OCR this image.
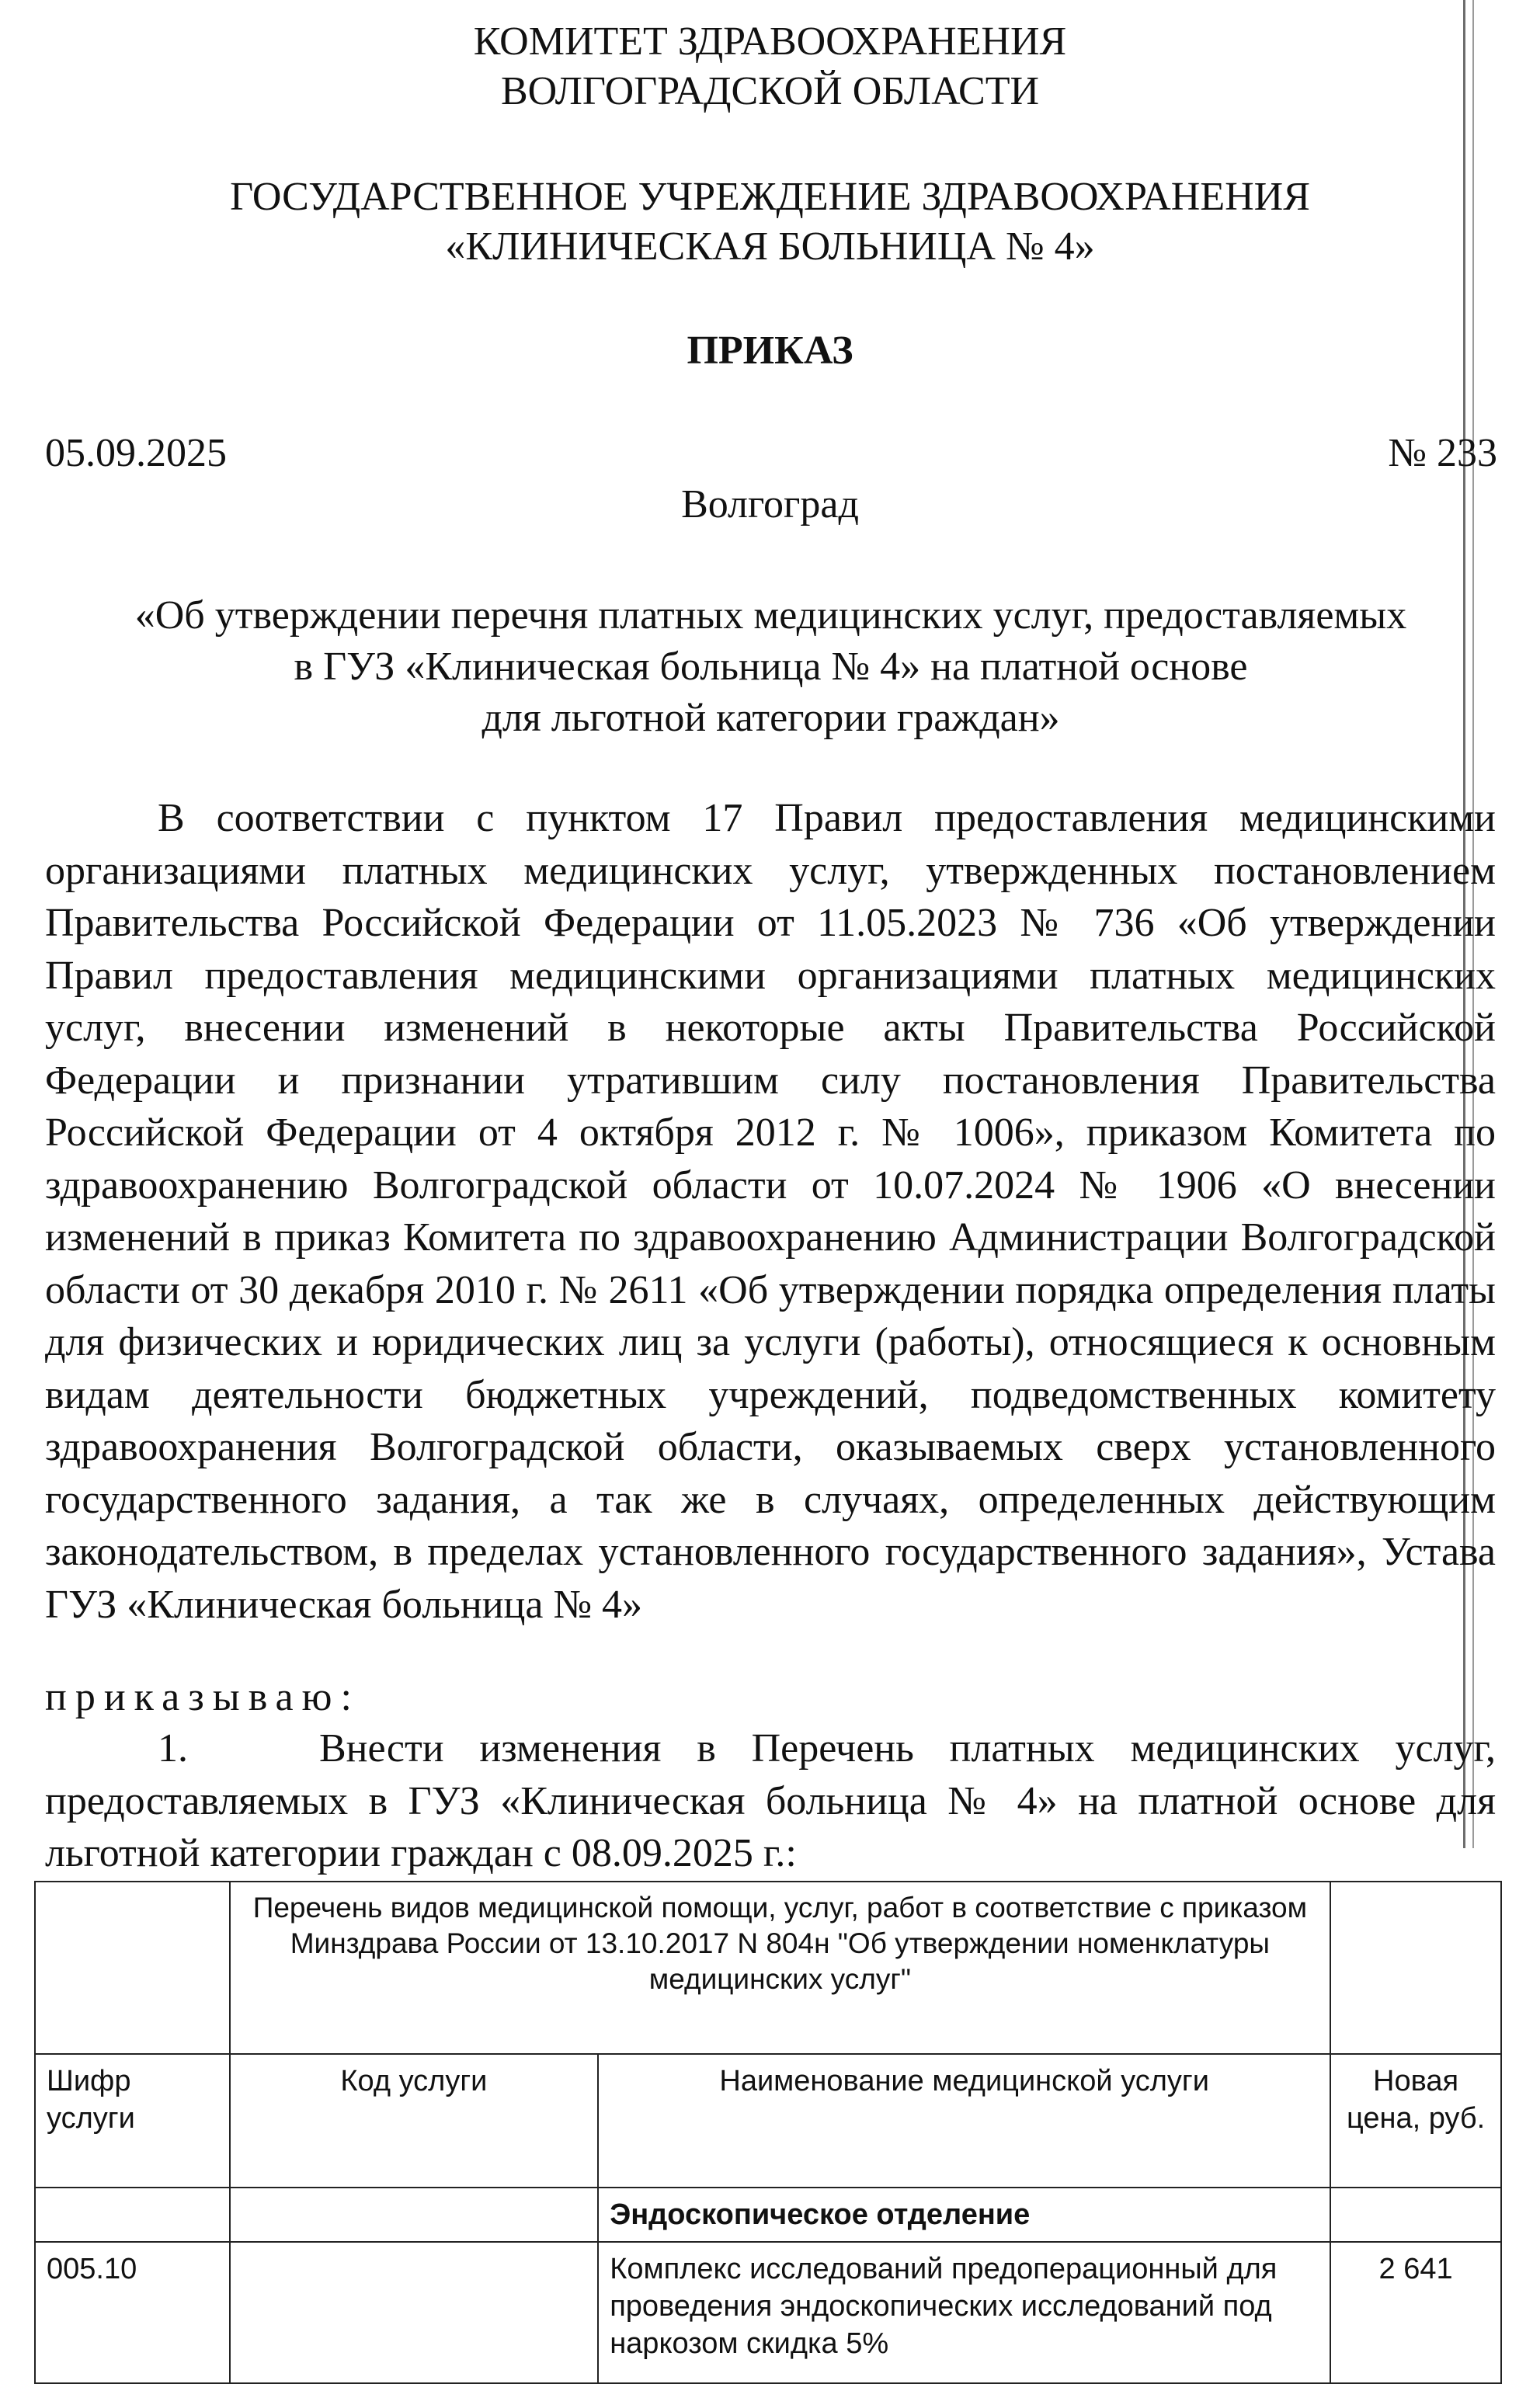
КОМИТЕТ ЗДРАВООХРАНЕНИЯ
ВОЛГОГРАДСКОЙ ОБЛАСТИ
ГОСУДАРСТВЕННОЕ УЧРЕЖДЕНИЕ ЗДРАВООХРАНЕНИЯ
«КЛИНИЧЕСКАЯ БОЛЬНИЦА № 4»
ПРИКАЗ
05.09.2025	№ 233
Волгоград
«Об утверждении перечня платных медицинских услуг, предоставляемых
в ГУЗ «Клиническая больница № 4» на платной основе
для льготной категории граждан»
В соответствии с пунктом 17 Правил предоставления медицинскими организациями платных медицинских услуг, утвержденных постановлением Правительства Российской Федерации от 11.05.2023 № 736 «Об утверждении Правил предоставления медицинскими организациями платных медицинских услуг, внесении изменений в некоторые акты Правительства Российской Федерации и признании утратившим силу постановления Правительства Российской Федерации от 4 октября 2012 г. № 1006», приказом Комитета по здравоохранению Волгоградской области от 10.07.2024 № 1906 «О внесении изменений в приказ Комитета по здравоохранению Администрации Волгоградской области от 30 декабря 2010 г. № 2611 «Об утверждении порядка определения платы для физических и юридических лиц за услуги (работы), относящиеся к основным видам деятельности бюджетных учреждений, подведомственных комитету здравоохранения Волгоградской области, оказываемых сверх установленного государственного задания, а так же в случаях, определенных действующим законодательством, в пределах установленного государственного задания», Устава ГУЗ «Клиническая больница № 4»
приказываю:
1.	Внести изменения в Перечень платных медицинских услуг, предоставляемых в ГУЗ «Клиническая больница № 4» на платной основе для льготной категории граждан с 08.09.2025 г.:
	Перечень видов медицинской помощи, услуг, работ в соответствие с приказом Минздрава России от 13.10.2017 N 804н "Об утверждении номенклатуры медицинских услуг"		
Шифр услуги	Код услуги	Наименование медицинской услуги	Новая цена, руб.
		Эндоскопическое отделение	
005.10		Комплекс исследований предоперационный для проведения эндоскопических исследований под наркозом скидка 5%	2 641
